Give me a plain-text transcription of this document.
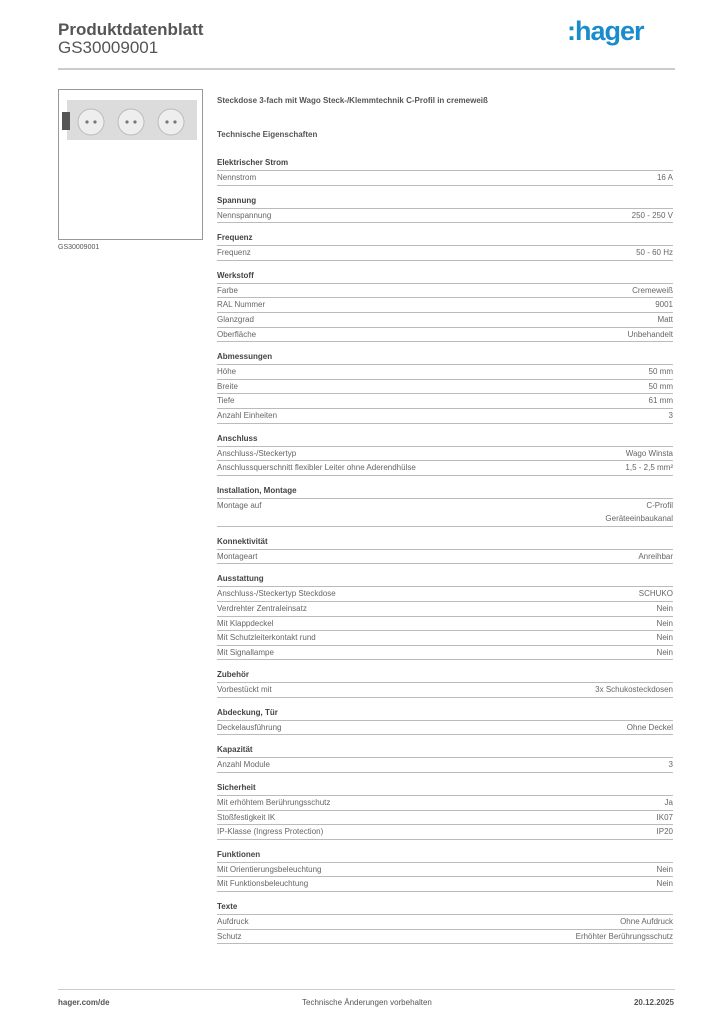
Produktdatenblatt
GS30009001
:hager
GS30009001
Steckdose 3-fach mit Wago Steck-/Klemmtechnik C-Profil in cremeweiß
Technische Eigenschaften
Elektrischer Strom
Nennstrom	16 A
Spannung
Nennspannung	250 - 250 V
Frequenz
Frequenz	50 - 60 Hz
Werkstoff
Farbe	Cremeweiß
RAL Nummer	9001
Glanzgrad	Matt
Oberfläche	Unbehandelt
Abmessungen
Höhe	50 mm
Breite	50 mm
Tiefe	61 mm
Anzahl Einheiten	3
Anschluss
Anschluss-/Steckertyp	Wago Winsta
Anschlussquerschnitt flexibler Leiter ohne Aderendhülse	1,5 - 2,5 mm²
Installation, Montage
Montage auf	C-Profil
Geräteeinbaukanal
Konnektivität
Montageart	Anreihbar
Ausstattung
Anschluss-/Steckertyp Steckdose	SCHUKO
Verdrehter Zentraleinsatz	Nein
Mit Klappdeckel	Nein
Mit Schutzleiterkontakt rund	Nein
Mit Signallampe	Nein
Zubehör
Vorbestückt mit	3x Schukosteckdosen
Abdeckung, Tür
Deckelausführung	Ohne Deckel
Kapazität
Anzahl Module	3
Sicherheit
Mit erhöhtem Berührungsschutz	Ja
Stoßfestigkeit IK	IK07
IP-Klasse (Ingress Protection)	IP20
Funktionen
Mit Orientierungsbeleuchtung	Nein
Mit Funktionsbeleuchtung	Nein
Texte
Aufdruck	Ohne Aufdruck
Schutz	Erhöhter Berührungsschutz
hager.com/de	Technische Änderungen vorbehalten	20.12.2025
